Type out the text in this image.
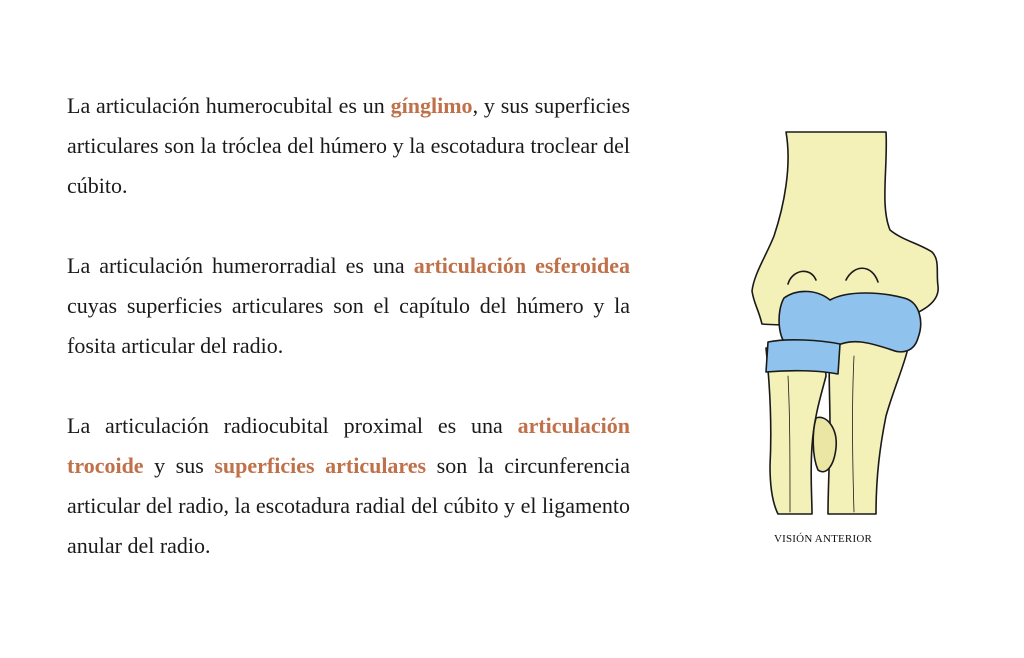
La articulación humerocubital es un gínglimo, y sus superficies articulares son la tróclea del húmero y la escotadura troclear del cúbito.

La articulación humerorradial es una articulación esferoidea cuyas superficies articulares son el capítulo del húmero y la fosita articular del radio.

La articulación radiocubital proximal es una articulación trocoide y sus superficies articulares son la circunferencia articular del radio, la escotadura radial del cúbito y el ligamento anular del radio.	VISIÓN ANTERIOR
